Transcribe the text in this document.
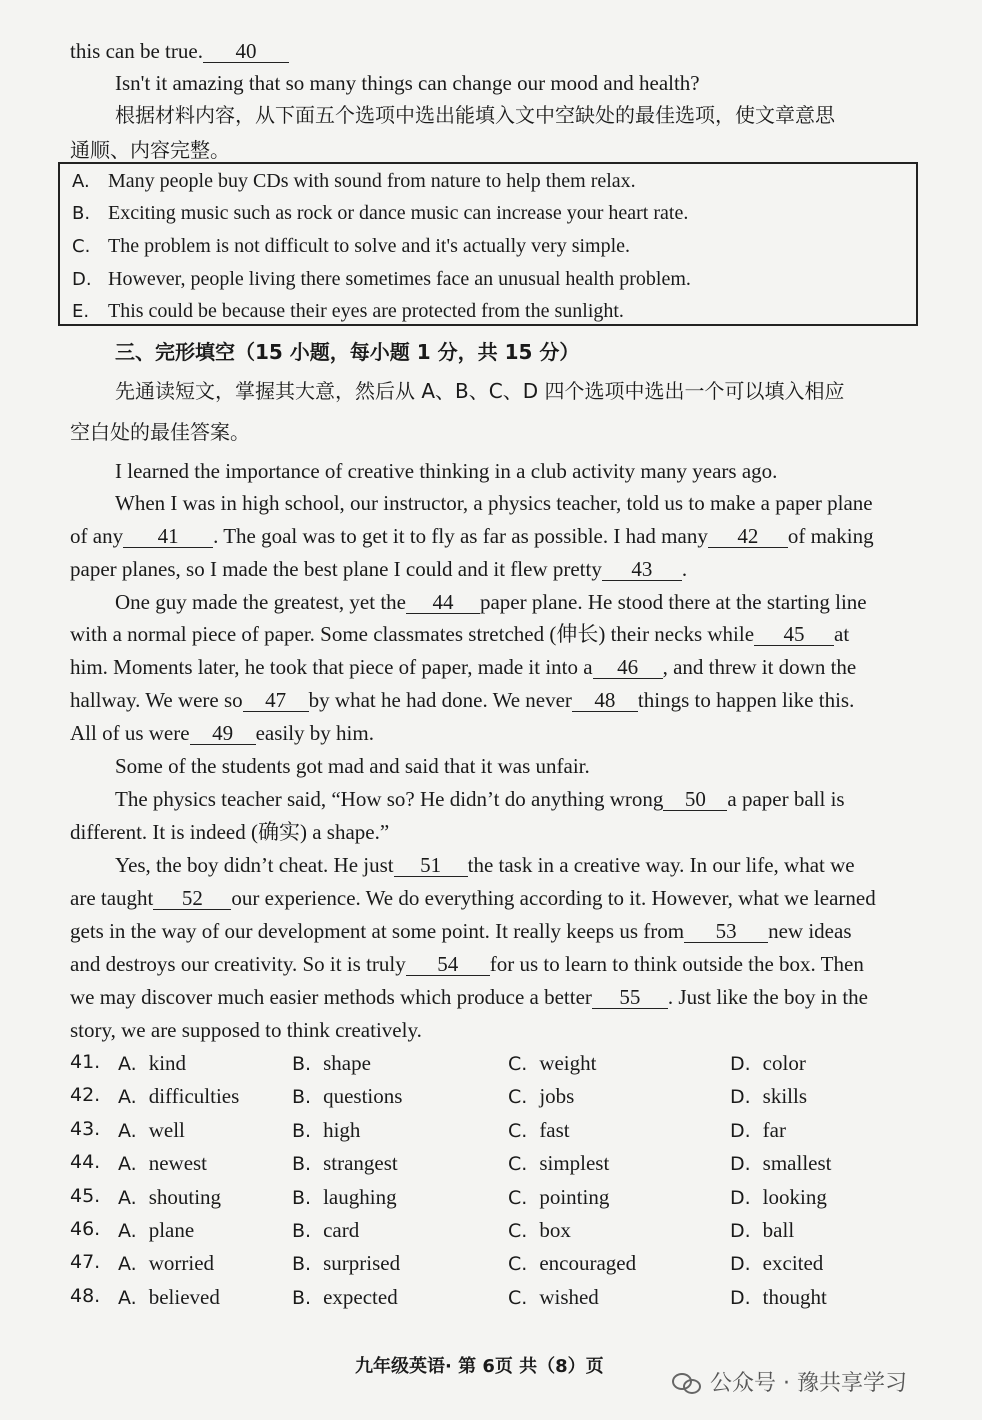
this can be true. 40
Isn't it amazing that so many things can change our mood and health?
根据材料内容，从下面五个选项中选出能填入文中空缺处的最佳选项，使文章意思
通顺、内容完整。
A. Many people buy CDs with sound from nature to help them relax.
B. Exciting music such as rock or dance music can increase your heart rate.
C. The problem is not difficult to solve and it's actually very simple.
D. However, people living there sometimes face an unusual health problem.
E. This could be because their eyes are protected from the sunlight.
三、完形填空（15 小题，每小题 1 分，共 15 分）
先通读短文，掌握其大意，然后从 A、B、C、D 四个选项中选出一个可以填入相应
空白处的最佳答案。
I learned the importance of creative thinking in a club activity many years ago.
When I was in high school, our instructor, a physics teacher, told us to make a paper plane
of any 41 . The goal was to get it to fly as far as possible. I had many 42 of making
paper planes, so I made the best plane I could and it flew pretty 43 .
One guy made the greatest, yet the 44 paper plane. He stood there at the starting line
with a normal piece of paper. Some classmates stretched (伸长) their necks while 45 at
him. Moments later, he took that piece of paper, made it into a 46 , and threw it down the
hallway. We were so 47 by what he had done. We never 48 things to happen like this.
All of us were 49 easily by him.
Some of the students got mad and said that it was unfair.
The physics teacher said, “How so? He didn’t do anything wrong 50 a paper ball is
different. It is indeed (确实) a shape.”
Yes, the boy didn’t cheat. He just 51 the task in a creative way. In our life, what we
are taught 52 our experience. We do everything according to it. However, what we learned
gets in the way of our development at some point. It really keeps us from 53 new ideas
and destroys our creativity. So it is truly 54 for us to learn to think outside the box. Then
we may discover much easier methods which produce a better 55 . Just like the boy in the
story, we are supposed to think creatively.
41. A. kind	B. shape	C. weight	D. color
42. A. difficulties	B. questions	C. jobs	D. skills
43. A. well	B. high	C. fast	D. far
44. A. newest	B. strangest	C. simplest	D. smallest
45. A. shouting	B. laughing	C. pointing	D. looking
46. A. plane	B. card	C. box	D. ball
47. A. worried	B. surprised	C. encouraged	D. excited
48. A. believed	B. expected	C. wished	D. thought
九年级英语· 第 6页 共（8）页
公众号 · 豫共享学习
